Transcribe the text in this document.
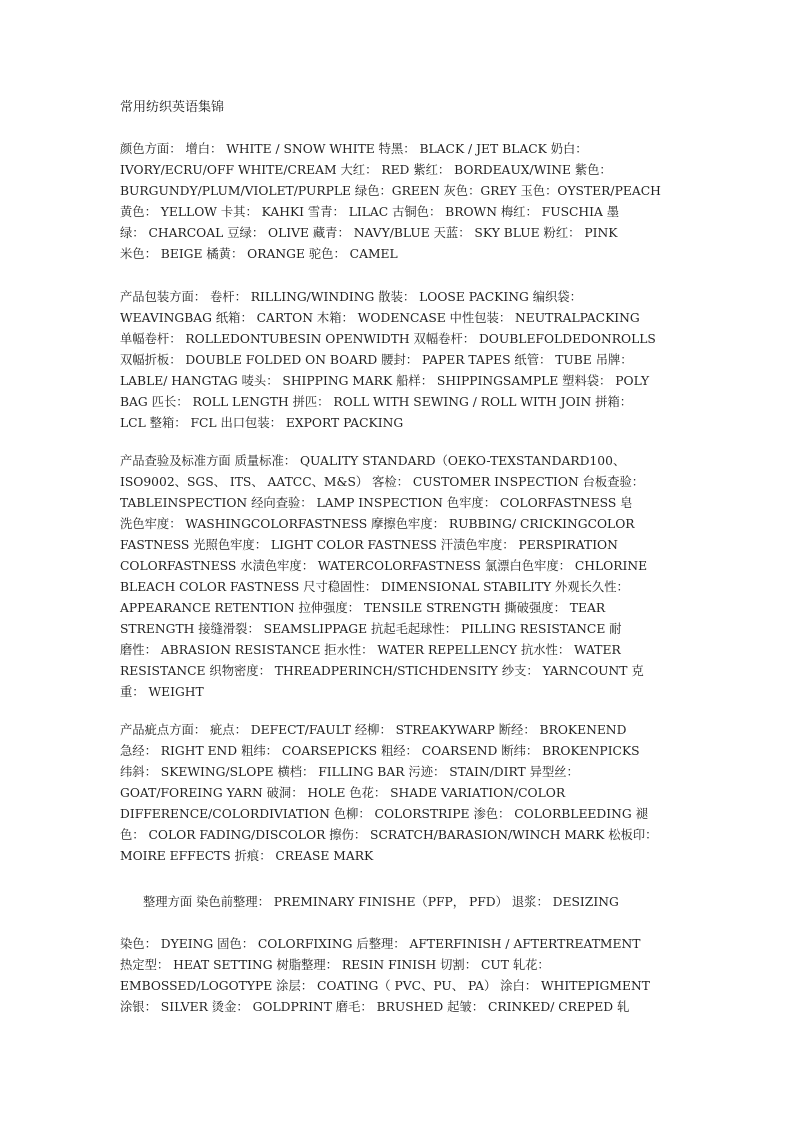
常用纺织英语集锦
颜色方面： 增白： WHITE / SNOW WHITE 特黑： BLACK / JET BLACK 奶白：
IVORY/ECRU/OFF WHITE/CREAM 大红： RED 紫红： BORDEAUX/WINE 紫色：
BURGUNDY/PLUM/VIOLET/PURPLE 绿色：GREEN 灰色：GREY 玉色：OYSTER/PEACH
黄色： YELLOW 卡其： KAHKI 雪青： LILAC 古铜色： BROWN 梅红： FUSCHIA 墨
绿： CHARCOAL 豆绿： OLIVE 藏青： NAVY/BLUE 天蓝： SKY BLUE 粉红： PINK
米色： BEIGE 橘黄： ORANGE 驼色： CAMEL
产品包装方面： 卷杆： RILLING/WINDING 散装： LOOSE PACKING 编织袋：
WEAVINGBAG 纸箱： CARTON 木箱： WODENCASE 中性包装： NEUTRALPACKING
单幅卷杆： ROLLEDONTUBESIN OPENWIDTH 双幅卷杆： DOUBLEFOLDEDONROLLS
双幅折板： DOUBLE FOLDED ON BOARD 腰封： PAPER TAPES 纸管： TUBE 吊牌：
LABLE/ HANGTAG 唛头： SHIPPING MARK 船样： SHIPPINGSAMPLE 塑料袋： POLY
BAG 匹长： ROLL LENGTH 拼匹： ROLL WITH SEWING / ROLL WITH JOIN 拼箱：
LCL 整箱： FCL 出口包装： EXPORT PACKING
产品查验及标准方面 质量标准： QUALITY STANDARD（OEKO-TEXSTANDARD100、
ISO9002、SGS、 ITS、 AATCC、M&S） 客检： CUSTOMER INSPECTION 台板查验：
TABLEINSPECTION 经向查验： LAMP INSPECTION 色牢度： COLORFASTNESS 皂
洗色牢度： WASHINGCOLORFASTNESS 摩擦色牢度： RUBBING/ CRICKINGCOLOR
FASTNESS 光照色牢度： LIGHT COLOR FASTNESS 汗渍色牢度： PERSPIRATION
COLORFASTNESS 水渍色牢度： WATERCOLORFASTNESS 氯漂白色牢度： CHLORINE
BLEACH COLOR FASTNESS 尺寸稳固性： DIMENSIONAL STABILITY 外观长久性：
APPEARANCE RETENTION 拉伸强度： TENSILE STRENGTH 撕破强度： TEAR
STRENGTH 接缝滑裂： SEAMSLIPPAGE 抗起毛起球性： PILLING RESISTANCE 耐
磨性： ABRASION RESISTANCE 拒水性： WATER REPELLENCY 抗水性： WATER
RESISTANCE 织物密度： THREADPERINCH/STICHDENSITY 纱支： YARNCOUNT 克
重： WEIGHT
产品疵点方面： 疵点： DEFECT/FAULT 经柳： STREAKYWARP 断经： BROKENEND
急经： RIGHT END 粗纬： COARSEPICKS 粗经： COARSEND 断纬： BROKENPICKS
纬斜： SKEWING/SLOPE 横档： FILLING BAR 污迹： STAIN/DIRT 异型丝：
GOAT/FOREING YARN 破洞： HOLE 色花： SHADE VARIATION/COLOR
DIFFERENCE/COLORDIVIATION 色柳： COLORSTRIPE 渗色： COLORBLEEDING 褪
色： COLOR FADING/DISCOLOR 擦伤： SCRATCH/BARASION/WINCH MARK 松板印：
MOIRE EFFECTS 折痕： CREASE MARK
整理方面 染色前整理： PREMINARY FINISHE（PFP， PFD） 退浆： DESIZING
染色： DYEING 固色： COLORFIXING 后整理： AFTERFINISH / AFTERTREATMENT
热定型： HEAT SETTING 树脂整理： RESIN FINISH 切割： CUT 轧花：
EMBOSSED/LOGOTYPE 涂层： COATING（ PVC、PU、 PA） 涂白： WHITEPIGMENT
涂银： SILVER 烫金： GOLDPRINT 磨毛： BRUSHED 起皱： CRINKED/ CREPED 轧
